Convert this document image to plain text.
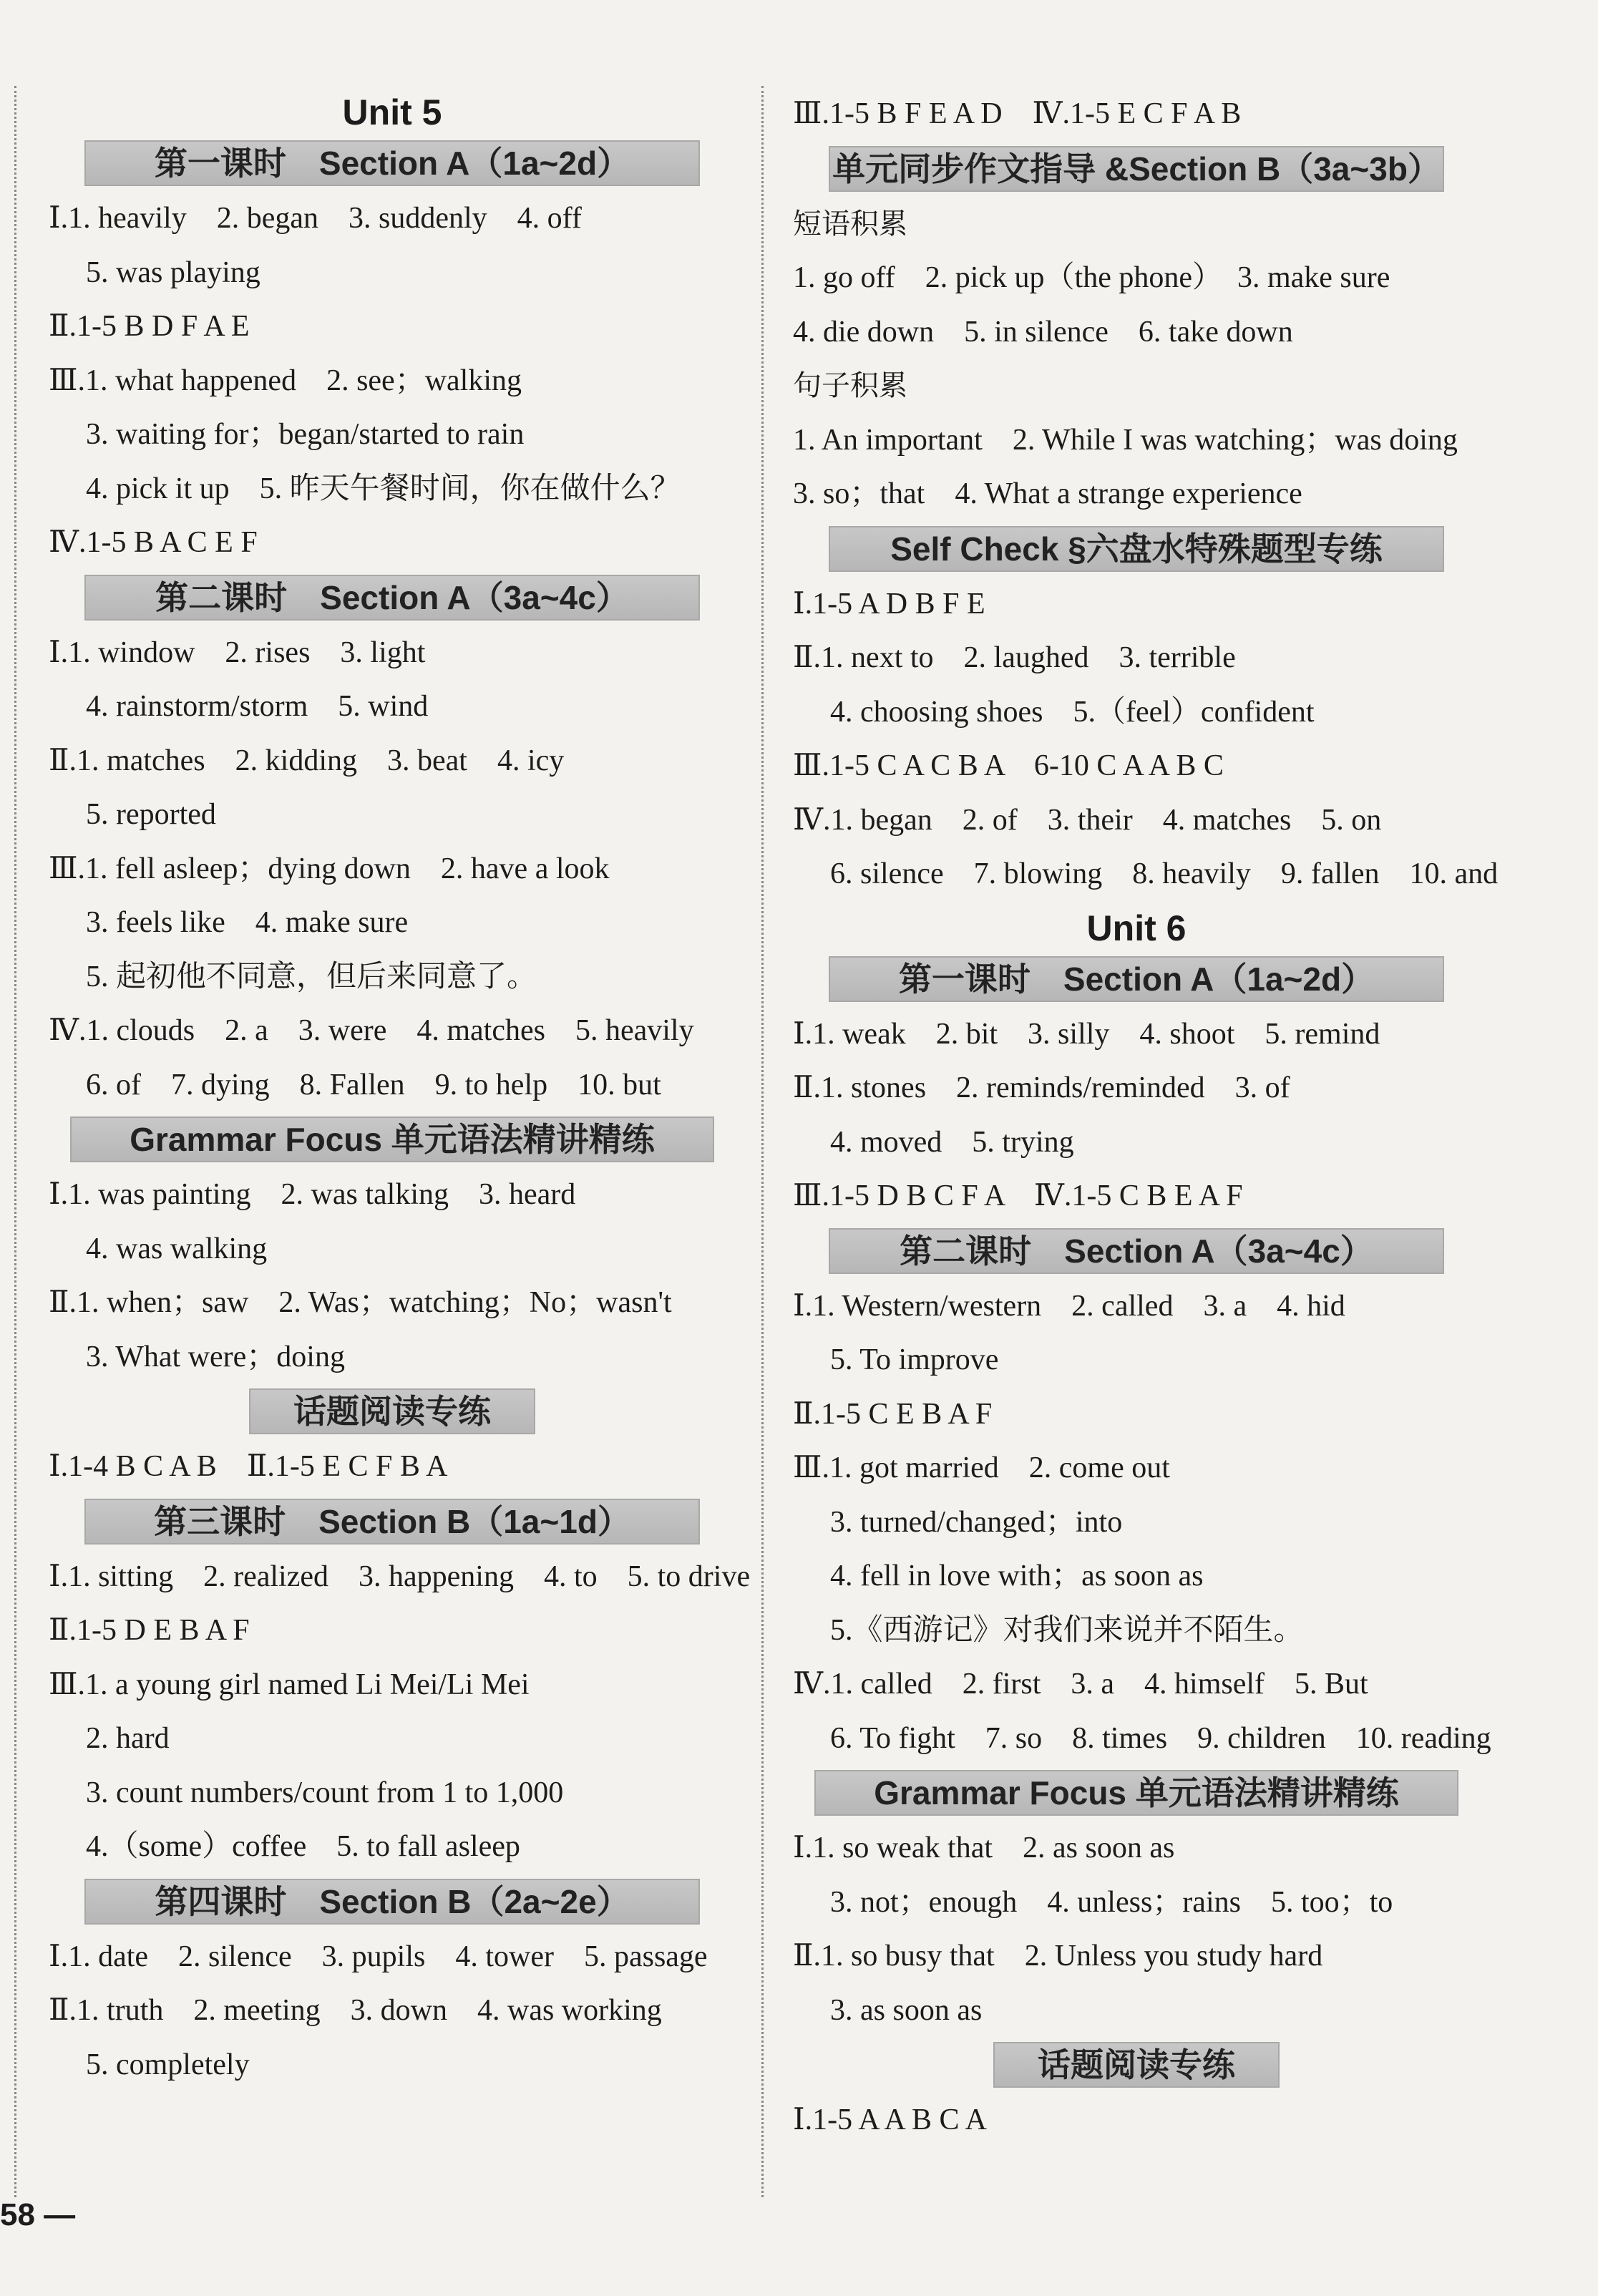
Unit 5
第一课时　Section A（1a~2d）
Ⅰ.1. heavily　2. began　3. suddenly　4. off
5. was playing
Ⅱ.1-5 B D F A E
Ⅲ.1. what happened　2. see；walking
3. waiting for；began/started to rain
4. pick it up　5. 昨天午餐时间，你在做什么？
Ⅳ.1-5 B A C E F
第二课时　Section A（3a~4c）
Ⅰ.1. window　2. rises　3. light
4. rainstorm/storm　5. wind
Ⅱ.1. matches　2. kidding　3. beat　4. icy
5. reported
Ⅲ.1. fell asleep；dying down　2. have a look
3. feels like　4. make sure
5. 起初他不同意，但后来同意了。
Ⅳ.1. clouds　2. a　3. were　4. matches　5. heavily
6. of　7. dying　8. Fallen　9. to help　10. but
Grammar Focus 单元语法精讲精练
Ⅰ.1. was painting　2. was talking　3. heard
4. was walking
Ⅱ.1. when；saw　2. Was；watching；No；wasn't
3. What were；doing
话题阅读专练
Ⅰ.1-4 B C A B　Ⅱ.1-5 E C F B A
第三课时　Section B（1a~1d）
Ⅰ.1. sitting　2. realized　3. happening　4. to　5. to drive
Ⅱ.1-5 D E B A F
Ⅲ.1. a young girl named Li Mei/Li Mei
2. hard
3. count numbers/count from 1 to 1,000
4.（some）coffee　5. to fall asleep
第四课时　Section B（2a~2e）
Ⅰ.1. date　2. silence　3. pupils　4. tower　5. passage
Ⅱ.1. truth　2. meeting　3. down　4. was working
5. completely
Ⅲ.1-5 B F E A D　Ⅳ.1-5 E C F A B
单元同步作文指导 &Section B（3a~3b）
短语积累
1. go off　2. pick up（the phone）　3. make sure
4. die down　5. in silence　6. take down
句子积累
1. An important　2. While I was watching；was doing
3. so；that　4. What a strange experience
Self Check §六盘水特殊题型专练
Ⅰ.1-5 A D B F E
Ⅱ.1. next to　2. laughed　3. terrible
4. choosing shoes　5.（feel）confident
Ⅲ.1-5 C A C B A　6-10 C A A B C
Ⅳ.1. began　2. of　3. their　4. matches　5. on
6. silence　7. blowing　8. heavily　9. fallen　10. and
Unit 6
第一课时　Section A（1a~2d）
Ⅰ.1. weak　2. bit　3. silly　4. shoot　5. remind
Ⅱ.1. stones　2. reminds/reminded　3. of
4. moved　5. trying
Ⅲ.1-5 D B C F A　Ⅳ.1-5 C B E A F
第二课时　Section A（3a~4c）
Ⅰ.1. Western/western　2. called　3. a　4. hid
5. To improve
Ⅱ.1-5 C E B A F
Ⅲ.1. got married　2. come out
3. turned/changed；into
4. fell in love with；as soon as
5.《西游记》对我们来说并不陌生。
Ⅳ.1. called　2. first　3. a　4. himself　5. But
6. To fight　7. so　8. times　9. children　10. reading
Grammar Focus 单元语法精讲精练
Ⅰ.1. so weak that　2. as soon as
3. not；enough　4. unless；rains　5. too；to
Ⅱ.1. so busy that　2. Unless you study hard
3. as soon as
话题阅读专练
Ⅰ.1-5 A A B C A
58 —
